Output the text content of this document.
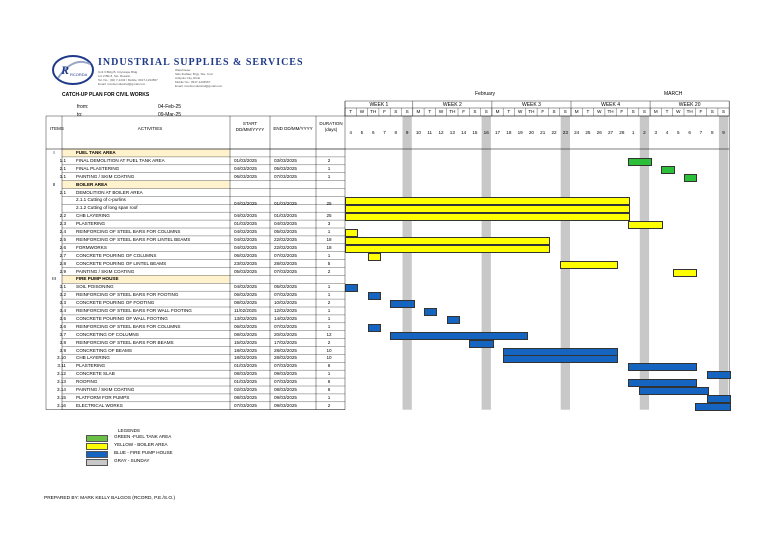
R RCORDA
INDUSTRIAL SUPPLIES & SERVICES
Unit 3 Bldg B, Cityscape Bldg.
Lot 2 Blk 8, Sto. Rosario
Tel. No.: (02) 7-1234 / Mobile: 0917-1234567
Email: rcorda.industrial@gmail.com
Warehouse:
Sitio Ibabaw, Brgy. Sta. Cruz
Antipolo City, Rizal
Mobile No.: 0917-1234567
Email: rcorda.industrial@gmail.com
CATCH-UP PLAN FOR CIVIL WORKS
from:	04-Feb-25
to:	09-Mar-25
ITEMS	ACTIVITIES
START DD/MM/YYYY	END DD/MM/YYYY
DURATION (days)
February	MARCH
WEEK 1	WEEK 2	WEEK 3	WEEK 4	WEEK 20
T	W	TH	F	S	S	M	T	W	TH	F	S	S	M	T	W	TH	F	S	S	M	T	W	TH	F	S	S	M	T	W	TH	F	S	S
4	5	6	7	8	9	10	11	12	13	14	15	16	17	18	19	20	21	22	23	24	25	26	27	28	1	2	3	4	5	6	7	8	9
I	FUEL TANK AREA
1.1 FINAL DEMOLITION AT FUEL TANK AREA	01/03/2025	03/03/2025	2
2.1 FINAL PLASTERING	04/03/2025	05/03/2025	1
3.1 PAINTING / SKIM COATING	06/03/2025	07/03/2025	1
II	BOILER AREA
2.1 DEMOLITION AT BOILER AREA
2.1.1 Cutting of c-purlins
04/02/2025	01/03/2025	25
2.1.2 Cutting of long span roof
2.2 CHB LAYERING	04/02/2025	01/03/2025	25
2.3 PLASTERING	01/03/2025	04/03/2025	3
2.4 REINFORCING OF STEEL BARS FOR COLUMNS	04/02/2025	05/02/2025	1
2.5 REINFORCING OF STEEL BARS FOR LINTEL BEAMS	04/02/2025	22/02/2025	18
2.6 FORMWORKS	04/02/2025	22/02/2025	18
2.7 CONCRETE POURING OF COLUMNS	06/02/2025	07/02/2025	1
2.8 CONCRETE POURING OF LINTEL BEAMS	23/02/2025	28/02/2025	5
2.9 PAINTING / SKIM COATING	05/03/2025	07/03/2025	2
III	FIRE PUMP HOUSE
3.1 SOIL POISONING	04/02/2025	05/02/2025	1
3.2 REINFORCING OF STEEL BARS FOR FOOTING	06/02/2025	07/02/2025	1
3.3 CONCRETE POURING OF FOOTING	08/02/2025	10/02/2025	2
3.4 REINFORCING OF STEEL BARS FOR WALL FOOTING	11/02/2025	12/02/2025	1
3.5 CONCRETE POURING OF WALL FOOTING	13/02/2025	14/02/2025	1
3.6 REINFORCING OF STEEL BARS FOR COLUMNS	06/02/2025	07/02/2025	1
3.7 CONCRETING OF COLUMNS	08/02/2025	20/02/2025	12
3.8 REINFORCING OF STEEL BARS FOR BEAMS	15/02/2025	17/02/2025	2
3.9 CONCRETING OF BEAMS	18/02/2025	28/02/2025	10
3.10 CHB LAYERING	18/02/2025	28/02/2025	10
3.11 PLASTERING	01/03/2025	07/03/2025	6
3.12 CONCRETE SLAB	08/03/2025	09/03/2025	1
3.13 ROOFING	01/03/2025	07/03/2025	6
3.14 PAINTING / SKIM COATING	02/03/2025	08/03/2025	6
3.15 PLATFORM FOR PUMPS	08/03/2025	09/03/2025	1
3.16 ELECTRICAL WORKS	07/03/2025	09/03/2025	2
LEGENDS
GREEN -FUEL TANK AREA
YELLOW - BOILER AREA
BLUE - FIRE PUMP HOUSE
GRAY - SUNDAY
PREPARED BY: MARK KELLY BALGOS (RCORD, P.E./S.O.)
